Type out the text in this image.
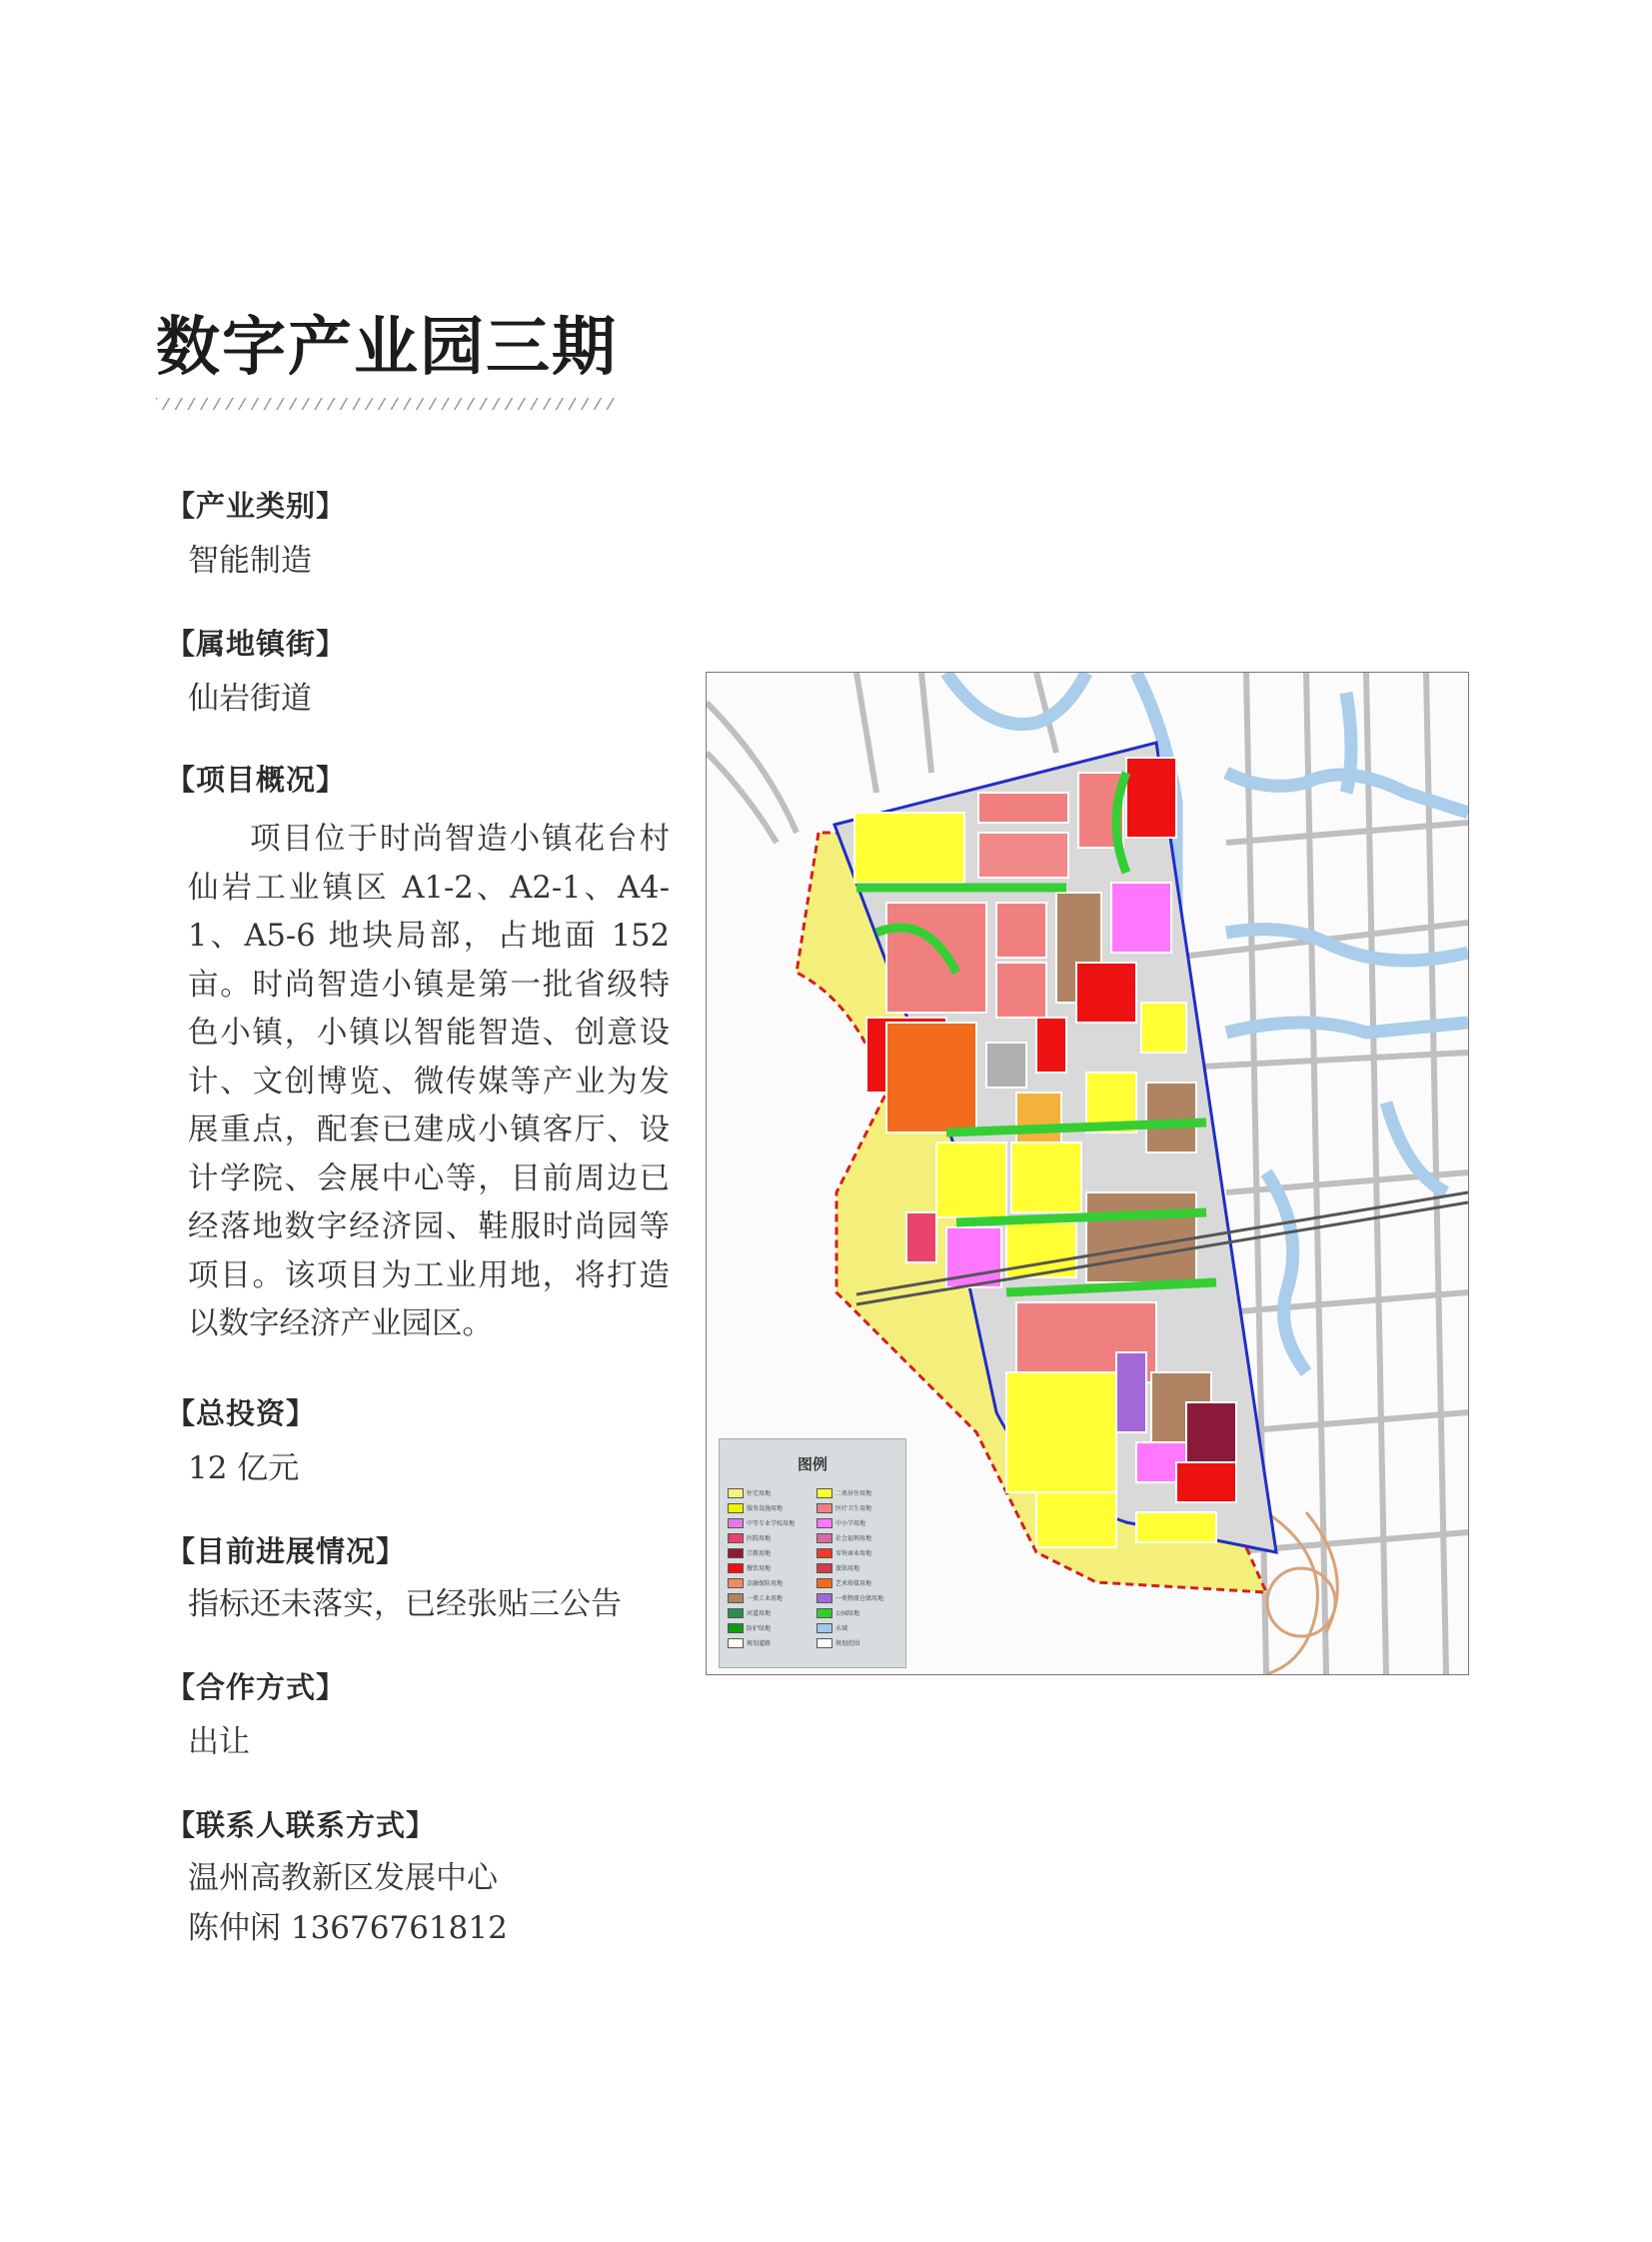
数字产业园三期
【产业类别】
智能制造
【属地镇街】
仙岩街道
【项目概况】
项目位于时尚智造小镇花台村仙岩工业镇区 A1-2、A2-1、A4-1、A5-6 地块局部，占地面 152 亩。时尚智造小镇是第一批省级特色小镇，小镇以智能智造、创意设计、文创博览、微传媒等产业为发展重点，配套已建成小镇客厅、设计学院、会展中心等，目前周边已经落地数字经济园、鞋服时尚园等项目。该项目为工业用地，将打造以数字经济产业园区。
【总投资】
12 亿元
【目前进展情况】
指标还未落实，已经张贴三公告
【合作方式】
出让
【联系人联系方式】
温州高教新区发展中心
陈仲闲 13676761812
图例
住宅用地	二类居住用地
服务设施用地	医疗卫生用地
中等专业学校用地	中小学用地
医院用地	社会福利用地
宗教用地	零售商业用地
餐饮用地	旅馆用地
金融保险用地	艺术传媒用地
一类工业用地	一类物流仓储用地
河道用地	公园绿地
防护绿地	水域
规划道路	规划范围
